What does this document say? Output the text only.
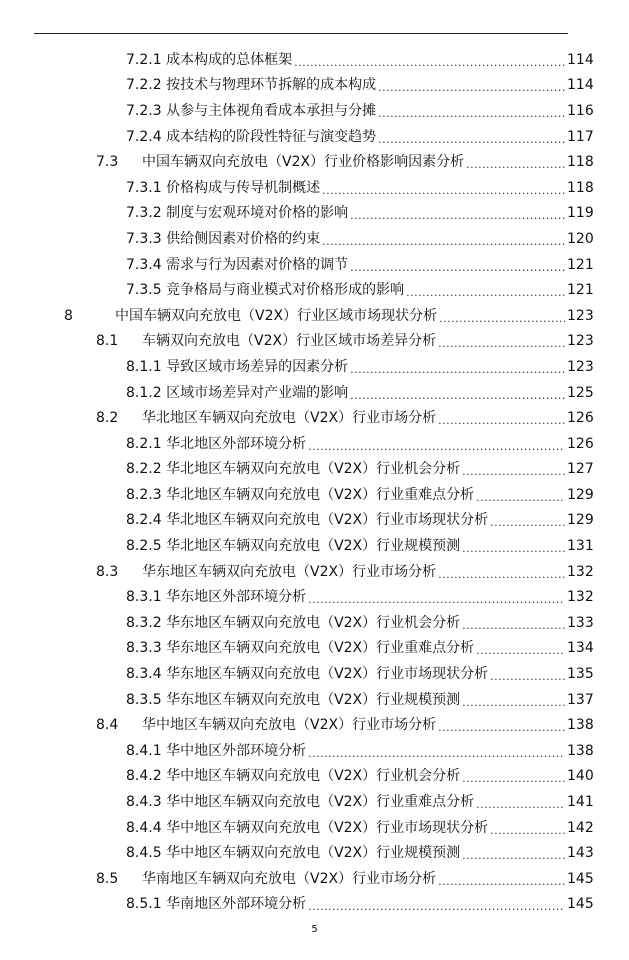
7.2.1 成本构成的总体框架 .....	114
7.2.2 按技术与物理环节拆解的成本构成 .....	114
7.2.3 从参与主体视角看成本承担与分摊 .....	116
7.2.4 成本结构的阶段性特征与演变趋势 .....	117
7.3 中国车辆双向充放电（V2X）行业价格影响因素分析 .....	118
7.3.1 价格构成与传导机制概述 .....	118
7.3.2 制度与宏观环境对价格的影响 .....	119
7.3.3 供给侧因素对价格的约束 .....	120
7.3.4 需求与行为因素对价格的调节 .....	121
7.3.5 竞争格局与商业模式对价格形成的影响 .....	121
8	中国车辆双向充放电（V2X）行业区域市场现状分析 .....	123
8.1 车辆双向充放电（V2X）行业区域市场差异分析 .....	123
8.1.1 导致区域市场差异的因素分析 .....	123
8.1.2 区域市场差异对产业端的影响 .....	125
8.2 华北地区车辆双向充放电（V2X）行业市场分析 .....	126
8.2.1 华北地区外部环境分析 .....	126
8.2.2 华北地区车辆双向充放电（V2X）行业机会分析 .....	127
8.2.3 华北地区车辆双向充放电（V2X）行业重难点分析 .....	129
8.2.4 华北地区车辆双向充放电（V2X）行业市场现状分析 .....	129
8.2.5 华北地区车辆双向充放电（V2X）行业规模预测 .....	131
8.3 华东地区车辆双向充放电（V2X）行业市场分析 .....	132
8.3.1 华东地区外部环境分析 .....	132
8.3.2 华东地区车辆双向充放电（V2X）行业机会分析 .....	133
8.3.3 华东地区车辆双向充放电（V2X）行业重难点分析 .....	134
8.3.4 华东地区车辆双向充放电（V2X）行业市场现状分析 .....	135
8.3.5 华东地区车辆双向充放电（V2X）行业规模预测 .....	137
8.4 华中地区车辆双向充放电（V2X）行业市场分析 .....	138
8.4.1 华中地区外部环境分析 .....	138
8.4.2 华中地区车辆双向充放电（V2X）行业机会分析 .....	140
8.4.3 华中地区车辆双向充放电（V2X）行业重难点分析 .....	141
8.4.4 华中地区车辆双向充放电（V2X）行业市场现状分析 .....	142
8.4.5 华中地区车辆双向充放电（V2X）行业规模预测 .....	143
8.5 华南地区车辆双向充放电（V2X）行业市场分析 .....	145
8.5.1 华南地区外部环境分析 .....	145
5
